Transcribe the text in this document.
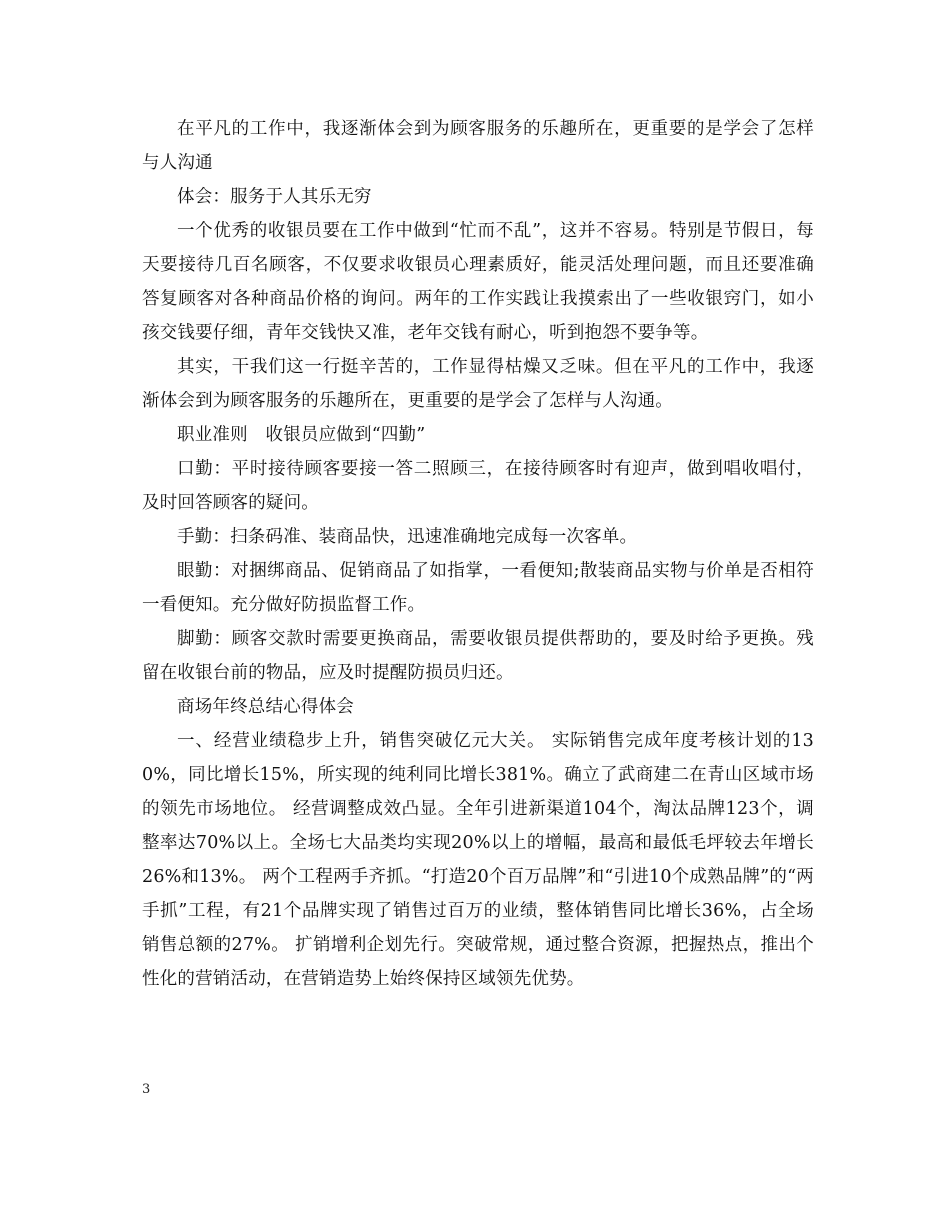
在平凡的工作中，我逐渐体会到为顾客服务的乐趣所在，更重要的是学会了怎样与人沟通

体会：服务于人其乐无穷

一个优秀的收银员要在工作中做到“忙而不乱”，这并不容易。特别是节假日，每天要接待几百名顾客，不仅要求收银员心理素质好，能灵活处理问题，而且还要准确答复顾客对各种商品价格的询问。两年的工作实践让我摸索出了一些收银窍门，如小孩交钱要仔细，青年交钱快又准，老年交钱有耐心，听到抱怨不要争等。

其实，干我们这一行挺辛苦的，工作显得枯燥又乏味。但在平凡的工作中，我逐渐体会到为顾客服务的乐趣所在，更重要的是学会了怎样与人沟通。

职业准则　收银员应做到“四勤”

口勤：平时接待顾客要接一答二照顾三，在接待顾客时有迎声，做到唱收唱付，及时回答顾客的疑问。

手勤：扫条码准、装商品快，迅速准确地完成每一次客单。

眼勤：对捆绑商品、促销商品了如指掌，一看便知;散装商品实物与价单是否相符一看便知。充分做好防损监督工作。

脚勤：顾客交款时需要更换商品，需要收银员提供帮助的，要及时给予更换。残留在收银台前的物品，应及时提醒防损员归还。

商场年终总结心得体会

一、经营业绩稳步上升，销售突破亿元大关。 实际销售完成年度考核计划的130%，同比增长15%，所实现的纯利同比增长381%。确立了武商建二在青山区域市场的领先市场地位。 经营调整成效凸显。全年引进新渠道104个，淘汰品牌123个，调整率达70%以上。全场七大品类均实现20%以上的增幅，最高和最低毛坪较去年增长26%和13%。 两个工程两手齐抓。“打造20个百万品牌”和“引进10个成熟品牌”的“两手抓”工程，有21个品牌实现了销售过百万的业绩，整体销售同比增长36%，占全场销售总额的27%。 扩销增利企划先行。突破常规，通过整合资源，把握热点，推出个性化的营销活动，在营销造势上始终保持区域领先优势。

3
